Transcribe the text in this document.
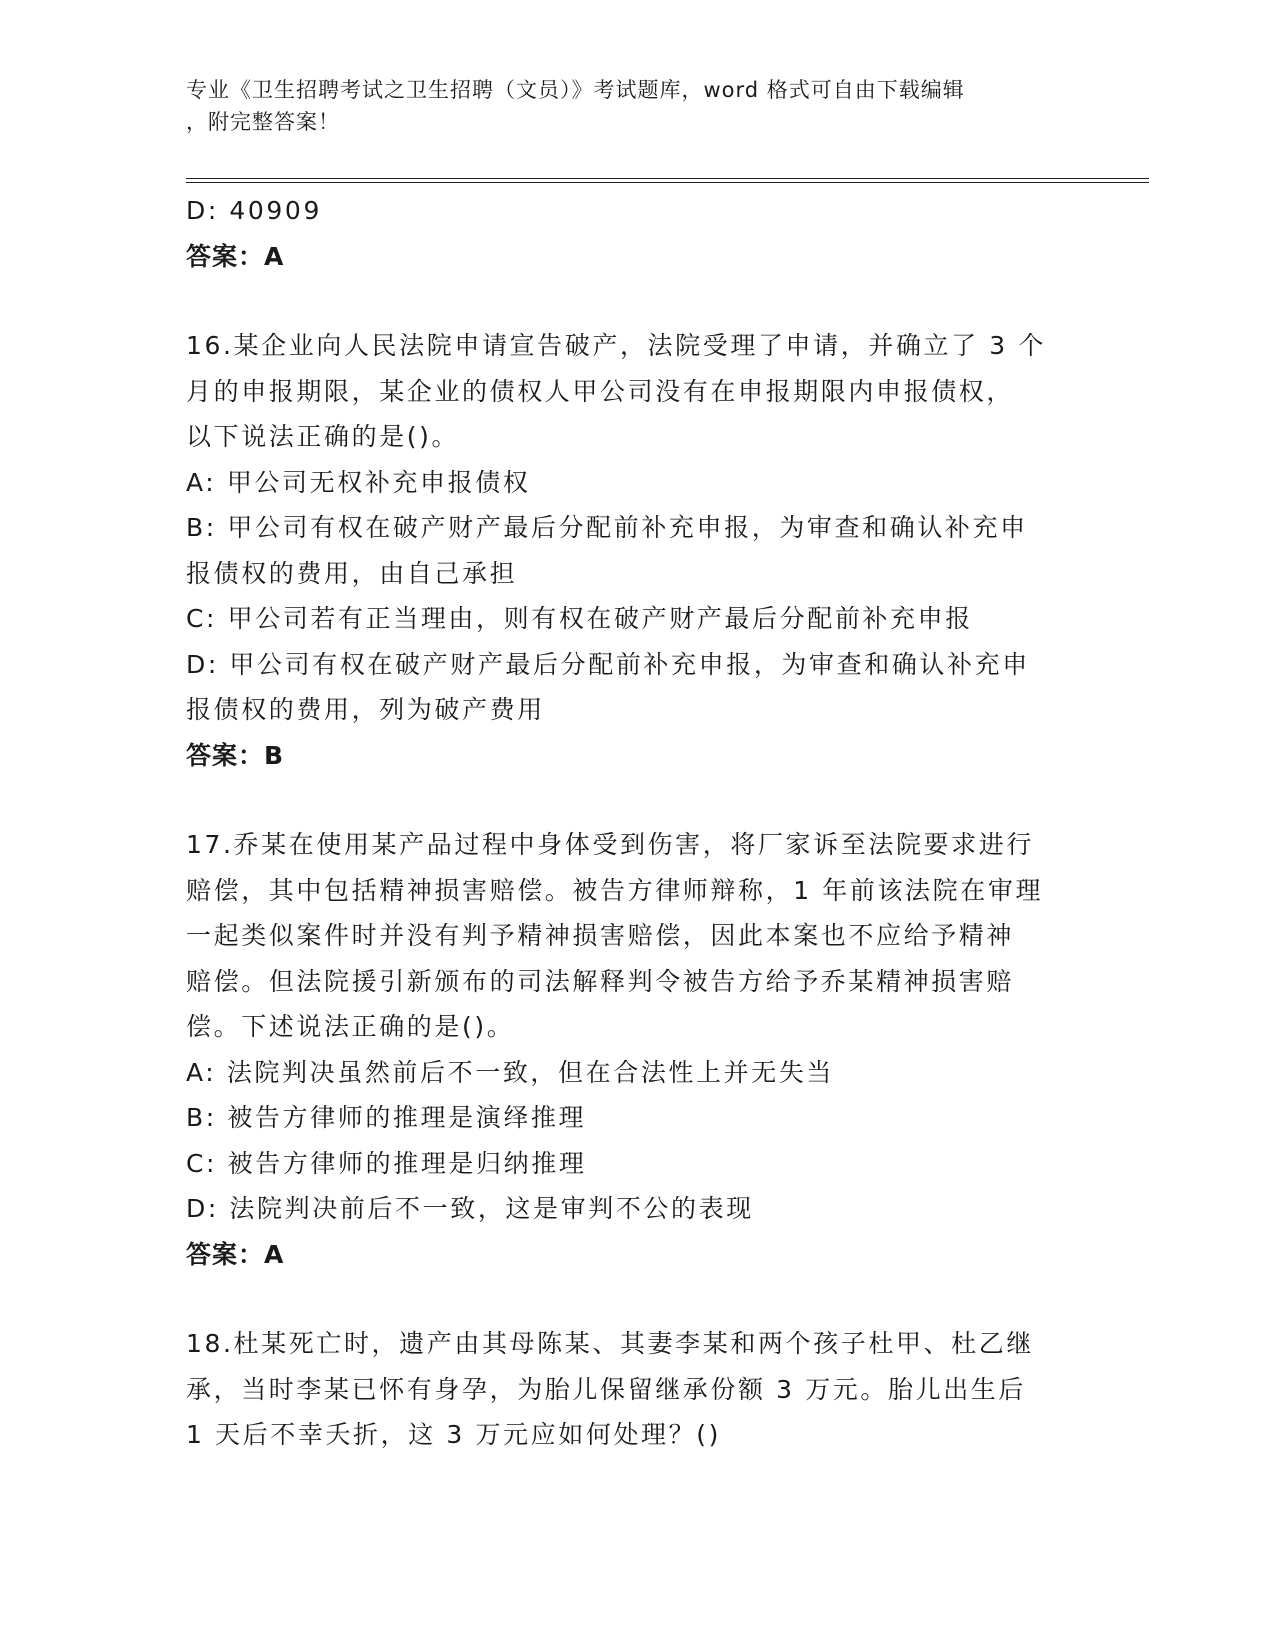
专业《卫生招聘考试之卫生招聘（文员）》考试题库，word 格式可自由下载编辑
，附完整答案！
D: 40909
答案：A
16.某企业向人民法院申请宣告破产，法院受理了申请，并确立了 3 个
月的申报期限，某企业的债权人甲公司没有在申报期限内申报债权，
以下说法正确的是()。
A: 甲公司无权补充申报债权
B: 甲公司有权在破产财产最后分配前补充申报，为审查和确认补充申
报债权的费用，由自己承担
C: 甲公司若有正当理由，则有权在破产财产最后分配前补充申报
D: 甲公司有权在破产财产最后分配前补充申报，为审查和确认补充申
报债权的费用，列为破产费用
答案：B
17.乔某在使用某产品过程中身体受到伤害，将厂家诉至法院要求进行
赔偿，其中包括精神损害赔偿。被告方律师辩称，1 年前该法院在审理
一起类似案件时并没有判予精神损害赔偿，因此本案也不应给予精神
赔偿。但法院援引新颁布的司法解释判令被告方给予乔某精神损害赔
偿。下述说法正确的是()。
A: 法院判决虽然前后不一致，但在合法性上并无失当
B: 被告方律师的推理是演绎推理
C: 被告方律师的推理是归纳推理
D: 法院判决前后不一致，这是审判不公的表现
答案：A
18.杜某死亡时，遗产由其母陈某、其妻李某和两个孩子杜甲、杜乙继
承，当时李某已怀有身孕，为胎儿保留继承份额 3 万元。胎儿出生后
1 天后不幸夭折，这 3 万元应如何处理？()
